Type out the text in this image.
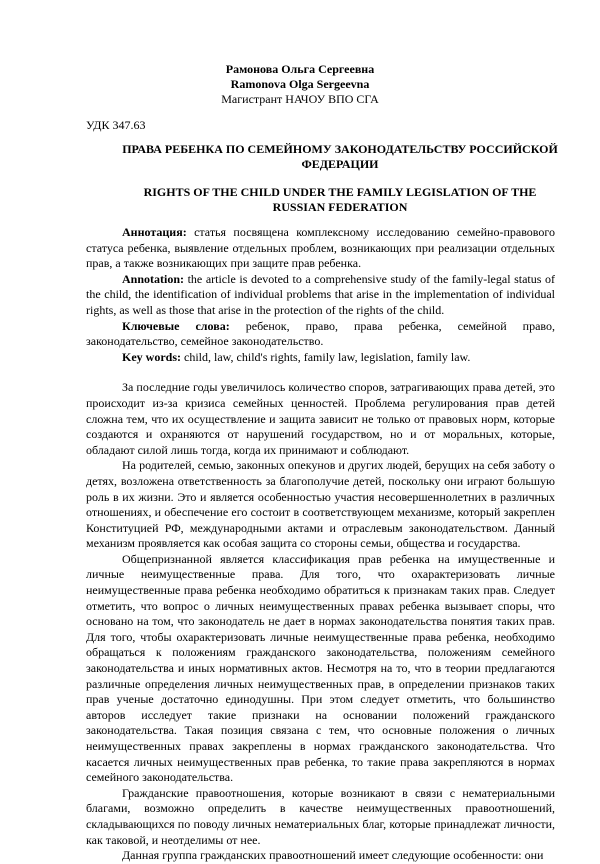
Рамонова Ольга Сергеевна
Ramonova Olga Sergeevna
Магистрант НАЧОУ ВПО СГА
УДК 347.63
ПРАВА РЕБЕНКА ПО СЕМЕЙНОМУ ЗАКОНОДАТЕЛЬСТВУ РОССИЙСКОЙ ФЕДЕРАЦИИ
RIGHTS OF THE CHILD UNDER THE FAMILY LEGISLATION OF THE RUSSIAN FEDERATION

Аннотация: статья посвящена комплексному исследованию семейно-правового статуса ребенка, выявление отдельных проблем, возникающих при реализации отдельных прав, а также возникающих при защите прав ребенка.

Annotation: the article is devoted to a comprehensive study of the family-legal status of the child, the identification of individual problems that arise in the implementation of individual rights, as well as those that arise in the protection of the rights of the child.

Ключевые слова: ребенок, право, права ребенка, семейной право, законодательство, семейное законодательство.

Key words: child, law, child's rights, family law, legislation, family law.

За последние годы увеличилось количество споров, затрагивающих права детей, это происходит из-за кризиса семейных ценностей. Проблема регулирования прав детей сложна тем, что их осуществление и защита зависит не только от правовых норм, которые создаются и охраняются от нарушений государством, но и от моральных, которые, обладают силой лишь тогда, когда их принимают и соблюдают.

На родителей, семью, законных опекунов и других людей, берущих на себя заботу о детях, возложена ответственность за благополучие детей, поскольку они играют большую роль в их жизни. Это и является особенностью участия несовершеннолетних в различных отношениях, и обеспечение его состоит в соответствующем механизме, который закреплен Конституцией РФ, международными актами и отраслевым законодательством. Данный механизм проявляется как особая защита со стороны семьи, общества и государства.

Общепризнанной является классификация прав ребенка на имущественные и личные неимущественные права. Для того, что охарактеризовать личные неимущественные права ребенка необходимо обратиться к признакам таких прав. Следует отметить, что вопрос о личных неимущественных правах ребенка вызывает споры, что основано на том, что законодатель не дает в нормах законодательства понятия таких прав. Для того, чтобы охарактеризовать личные неимущественные права ребенка, необходимо обращаться к положениям гражданского законодательства, положениям семейного законодательства и иных нормативных актов. Несмотря на то, что в теории предлагаются различные определения личных неимущественных прав, в определении признаков таких прав ученые достаточно единодушны. При этом следует отметить, что большинство авторов исследует такие признаки на основании положений гражданского законодательства. Такая позиция связана с тем, что основные положения о личных неимущественных правах закреплены в нормах гражданского законодательства. Что касается личных неимущественных прав ребенка, то такие права закрепляются в нормах семейного законодательства.

Гражданские правоотношения, которые возникают в связи с нематериальными благами, возможно определить в качестве неимущественных правоотношений, складывающихся по поводу личных нематериальных благ, которые принадлежат личности, как таковой, и неотделимы от нее.

Данная группа гражданских правоотношений имеет следующие особенности: они
